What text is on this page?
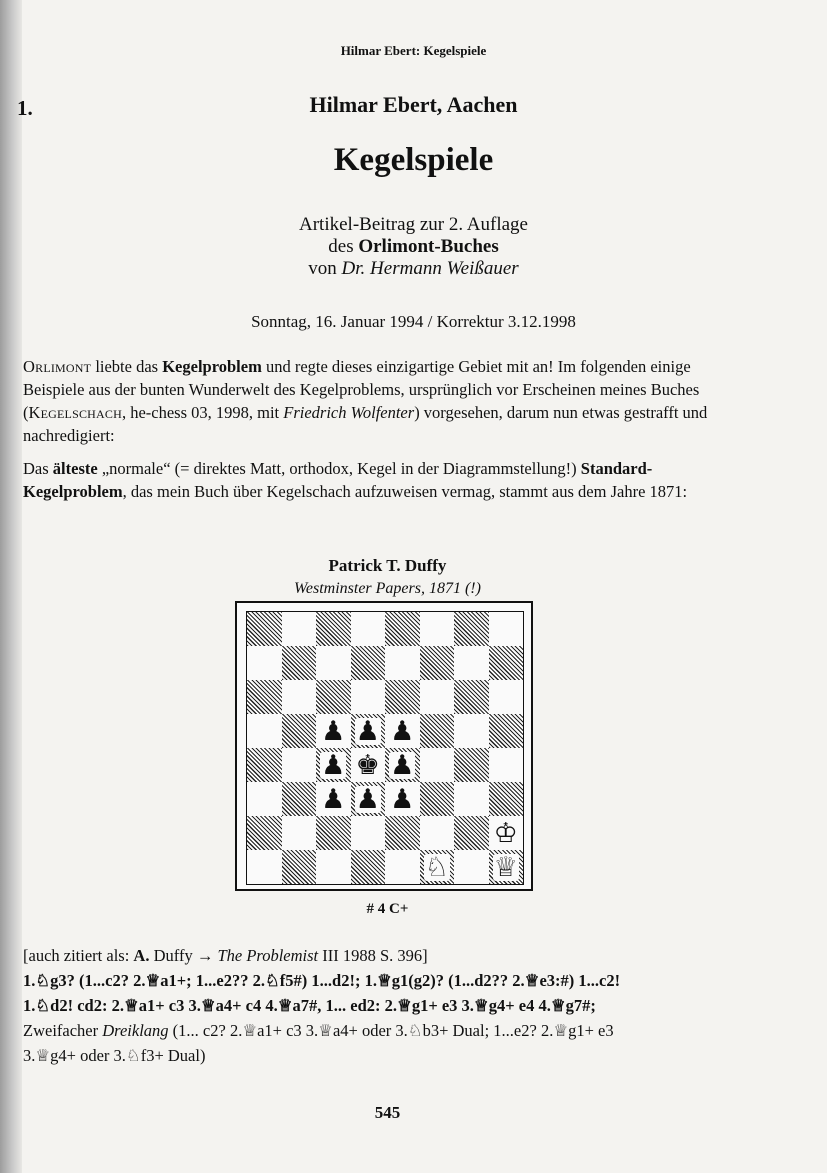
Hilmar Ebert: Kegelspiele
1.	Hilmar Ebert, Aachen
Kegelspiele
Artikel-Beitrag zur 2. Auflage
des Orlimont-Buches
von Dr. Hermann Weißauer
Sonntag, 16. Januar 1994 / Korrektur 3.12.1998
Orlimont liebte das Kegelproblem und regte dieses einzigartige Gebiet mit an! Im folgenden einige Beispiele aus der bunten Wunderwelt des Kegelproblems, ursprünglich vor Erscheinen meines Buches (Kegelschach, he-chess 03, 1998, mit Friedrich Wolfenter) vorgesehen, darum nun etwas gestrafft und nachredigiert:
Das älteste „normale“ (= direktes Matt, orthodox, Kegel in der Diagrammstellung!) Standard-Kegelproblem, das mein Buch über Kegelschach aufzuweisen vermag, stammt aus dem Jahre 1871:
Patrick T. Duffy
Westminster Papers, 1871 (!)
♟ ♟ ♟
♟ ♚ ♟
♟ ♟ ♟
♔
♘ ♕
# 4 C+
[auch zitiert als: A. Duffy → The Problemist III 1988 S. 396]
1.♘g3? (1...c2? 2.♕a1+; 1...e2?? 2.♘f5#) 1...d2!; 1.♕g1(g2)? (1...d2?? 2.♕e3:#) 1...c2!
1.♘d2! cd2: 2.♕a1+ c3 3.♕a4+ c4 4.♕a7#, 1... ed2: 2.♕g1+ e3 3.♕g4+ e4 4.♕g7#;
Zweifacher Dreiklang (1... c2? 2.♕a1+ c3 3.♕a4+ oder 3.♘b3+ Dual; 1...e2? 2.♕g1+ e3
3.♕g4+ oder 3.♘f3+ Dual)
545
